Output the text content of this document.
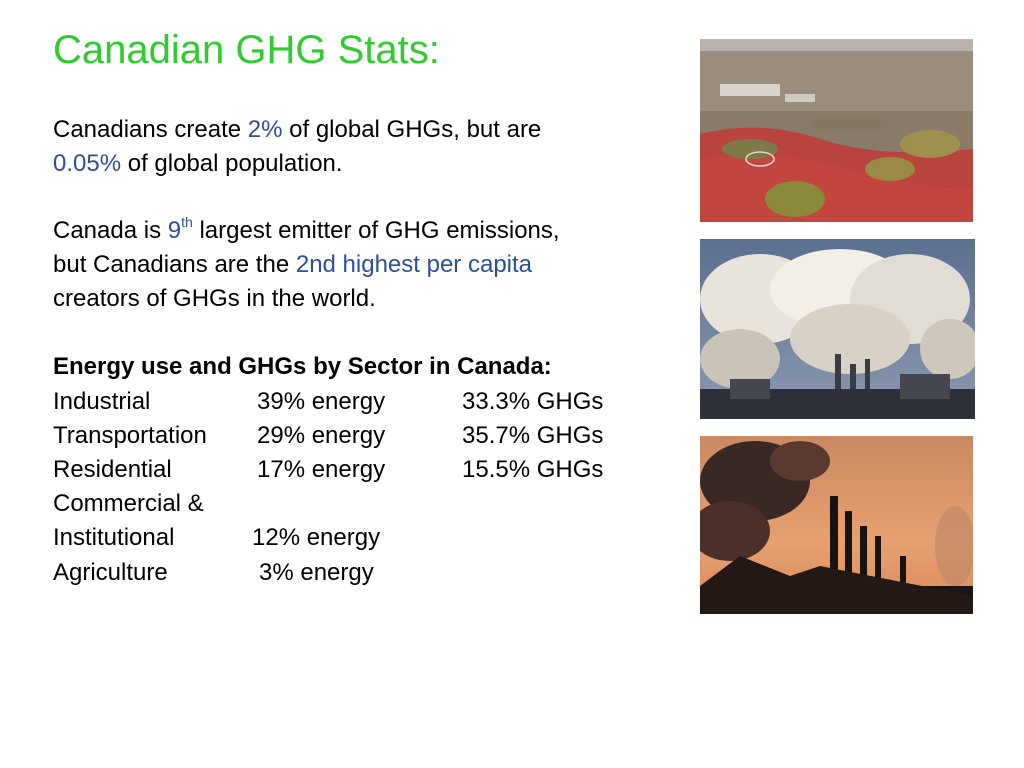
Canadian GHG Stats:

Canadians create 2% of global GHGs, but are
0.05% of global population.

Canada is 9th largest emitter of GHG emissions,
but Canadians are the 2nd highest per capita
creators of GHGs in the world.

Energy use and GHGs by Sector in Canada:

Industrial	39% energy	33.3% GHGs
Transportation 29% energy	35.7% GHGs
Residential	17% energy	15.5% GHGs
Commercial &
Institutional	12% energy
Agriculture	3% energy
